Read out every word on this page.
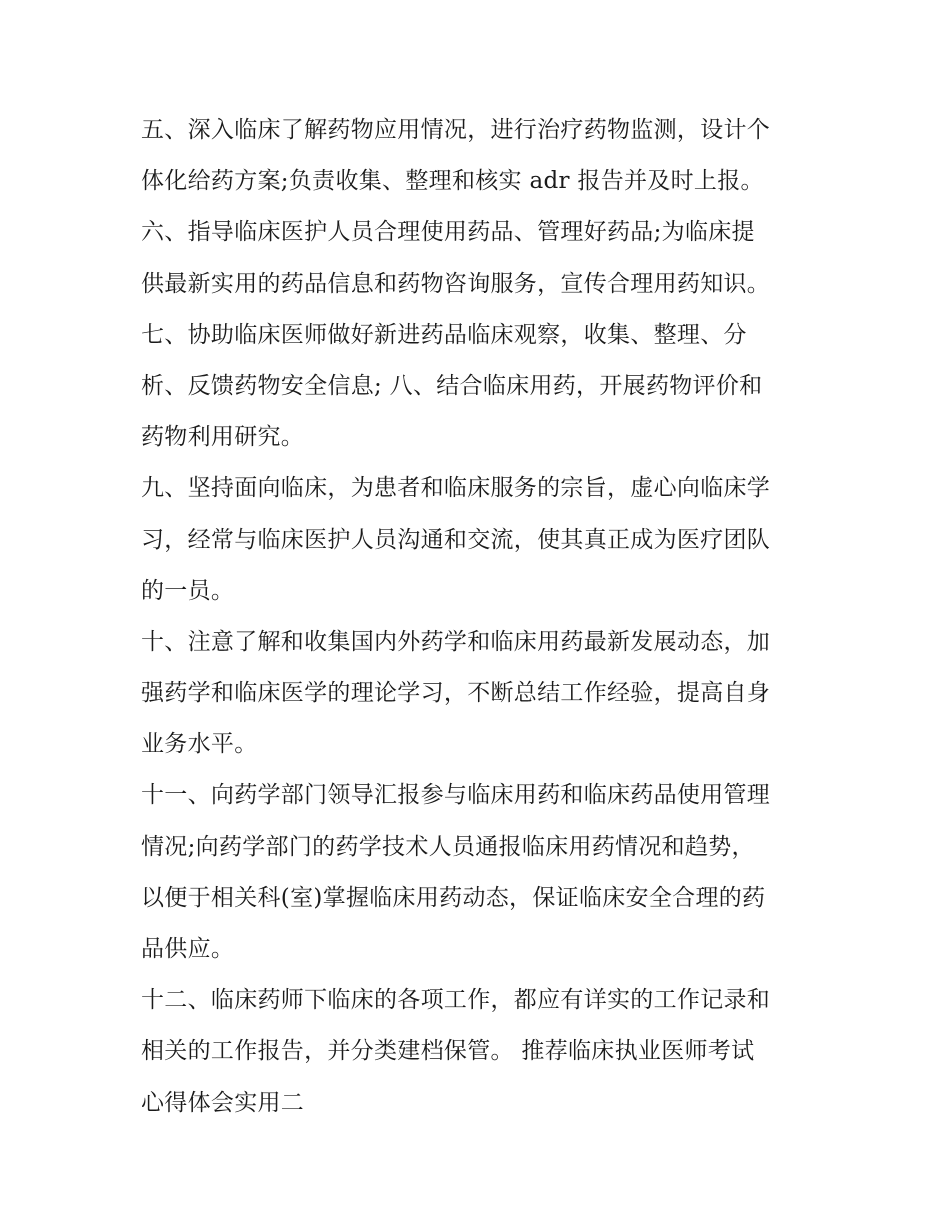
五、深入临床了解药物应用情况，进行治疗药物监测，设计个

体化给药方案;负责收集、整理和核实 adr 报告并及时上报。

六、指导临床医护人员合理使用药品、管理好药品;为临床提

供最新实用的药品信息和药物咨询服务，宣传合理用药知识。

七、协助临床医师做好新进药品临床观察，收集、整理、分

析、反馈药物安全信息; 八、结合临床用药，开展药物评价和

药物利用研究。

九、坚持面向临床，为患者和临床服务的宗旨，虚心向临床学

习，经常与临床医护人员沟通和交流，使其真正成为医疗团队

的一员。

十、注意了解和收集国内外药学和临床用药最新发展动态，加

强药学和临床医学的理论学习，不断总结工作经验，提高自身

业务水平。

十一、向药学部门领导汇报参与临床用药和临床药品使用管理

情况;向药学部门的药学技术人员通报临床用药情况和趋势，

以便于相关科(室)掌握临床用药动态，保证临床安全合理的药

品供应。

十二、临床药师下临床的各项工作，都应有详实的工作记录和

相关的工作报告，并分类建档保管。 推荐临床执业医师考试

心得体会实用二
